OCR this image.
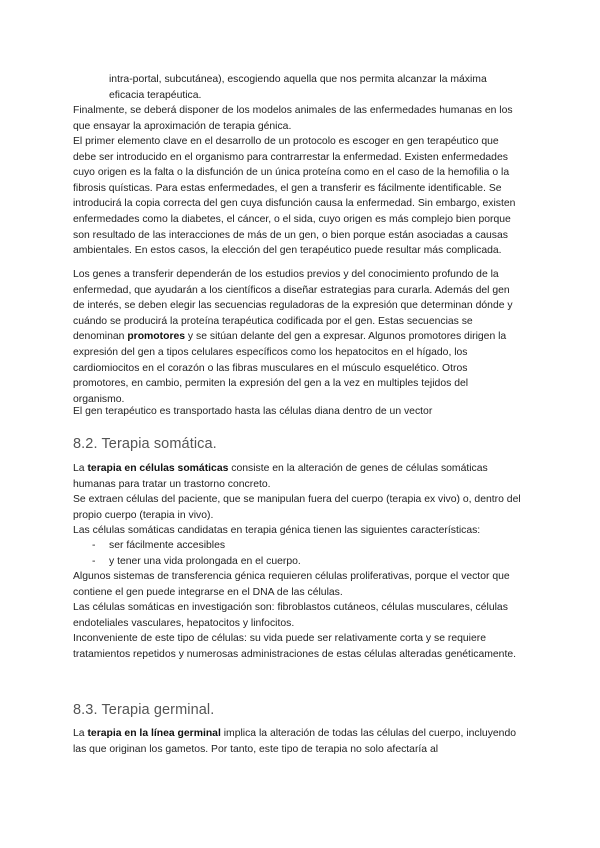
intra-portal, subcutánea), escogiendo aquella que nos permita alcanzar la máxima eficacia terapéutica.

Finalmente, se deberá disponer de los modelos animales de las enfermedades humanas en los que ensayar la aproximación de terapia génica.

El primer elemento clave en el desarrollo de un protocolo es escoger en gen terapéutico que debe ser introducido en el organismo para contrarrestar la enfermedad. Existen enfermedades cuyo origen es la falta o la disfunción de un única proteína como en el caso de la hemofilia o la fibrosis quísticas. Para estas enfermedades, el gen a transferir es fácilmente identificable. Se introducirá la copia correcta del gen cuya disfunción causa la enfermedad. Sin embargo, existen enfermedades como la diabetes, el cáncer, o el sida, cuyo origen es más complejo bien porque son resultado de las interacciones de más de un gen, o bien porque están asociadas a causas ambientales. En estos casos, la elección del gen terapéutico puede resultar más complicada.

Los genes a transferir dependerán de los estudios previos y del conocimiento profundo de la enfermedad, que ayudarán a los científicos a diseñar estrategias para curarla. Además del gen de interés, se deben elegir las secuencias reguladoras de la expresión que determinan dónde y cuándo se producirá la proteína terapéutica codificada por el gen. Estas secuencias se denominan promotores y se sitúan delante del gen a expresar. Algunos promotores dirigen la expresión del gen a tipos celulares específicos como los hepatocitos en el hígado, los cardiomiocitos en el corazón o las fibras musculares en el músculo esquelético. Otros promotores, en cambio, permiten la expresión del gen a la vez en multiples tejidos del organismo.

El gen terapéutico es transportado hasta las células diana dentro de un vector

8.2. Terapia somática.

La terapia en células somáticas consiste en la alteración de genes de células somáticas humanas para tratar un trastorno concreto.

Se extraen células del paciente, que se manipulan fuera del cuerpo (terapia ex vivo) o, dentro del propio cuerpo (terapia in vivo).

Las células somáticas candidatas en terapia génica tienen las siguientes características:

- ser fácilmente accesibles
- y tener una vida prolongada en el cuerpo.

Algunos sistemas de transferencia génica requieren células proliferativas, porque el vector que contiene el gen puede integrarse en el DNA de las células.

Las células somáticas en investigación son: fibroblastos cutáneos, células musculares, células endoteliales vasculares, hepatocitos y linfocitos.

Inconveniente de este tipo de células: su vida puede ser relativamente corta y se requiere tratamientos repetidos y numerosas administraciones de estas células alteradas genéticamente.

8.3. Terapia germinal.

La terapia en la línea germinal implica la alteración de todas las células del cuerpo, incluyendo las que originan los gametos. Por tanto, este tipo de terapia no solo afectaría al
